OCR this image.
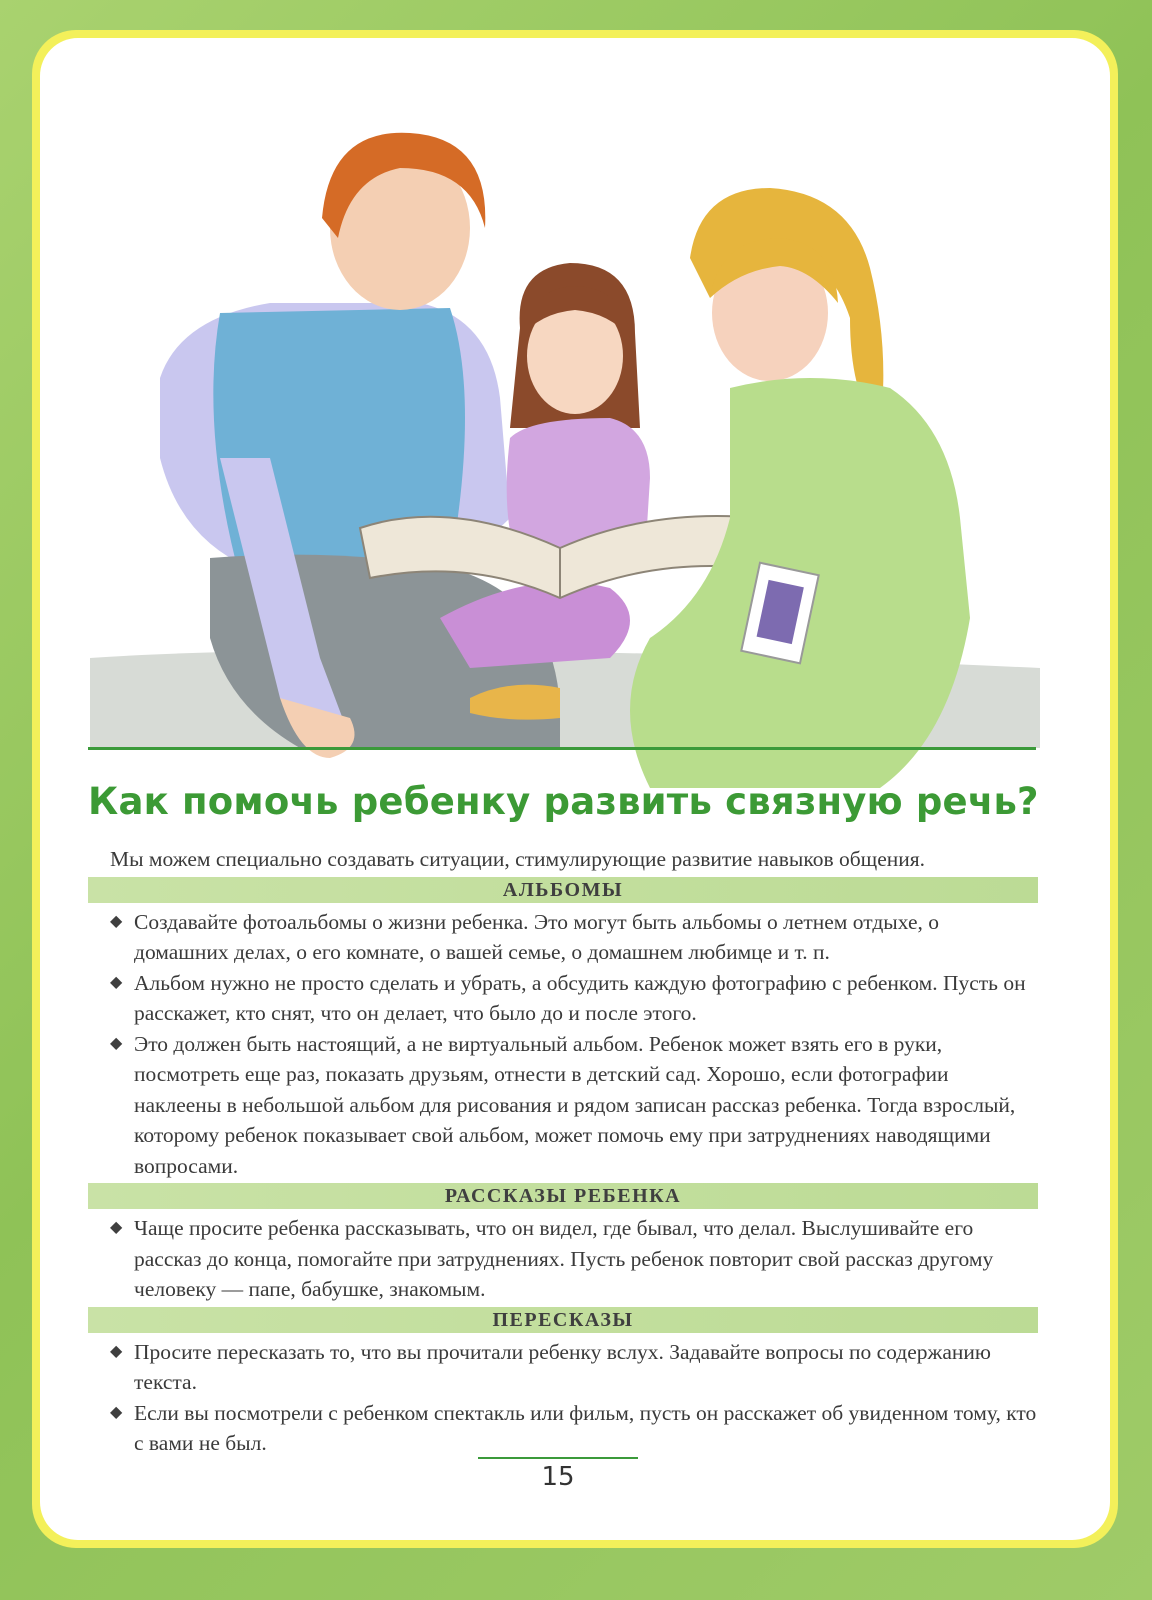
Как помочь ребенку развить связную речь?
Мы можем специально создавать ситуации, стимулирующие развитие навыков общения.
АЛЬБОМЫ
◆ Создавайте фотоальбомы о жизни ребенка. Это могут быть альбомы о летнем отдыхе, о домашних делах, о его комнате, о вашей семье, о домашнем любимце и т. п.
◆ Альбом нужно не просто сделать и убрать, а обсудить каждую фотографию с ребенком. Пусть он расскажет, кто снят, что он делает, что было до и после этого.
◆ Это должен быть настоящий, а не виртуальный альбом. Ребенок может взять его в руки, посмотреть еще раз, показать друзьям, отнести в детский сад. Хорошо, если фотографии наклеены в небольшой альбом для рисования и рядом записан рассказ ребенка. Тогда взрослый, которому ребенок показывает свой альбом, может помочь ему при затруднениях наводящими вопросами.
РАССКАЗЫ РЕБЕНКА
◆ Чаще просите ребенка рассказывать, что он видел, где бывал, что делал. Выслушивайте его рассказ до конца, помогайте при затруднениях. Пусть ребенок повторит свой рассказ другому человеку — папе, бабушке, знакомым.
ПЕРЕСКАЗЫ
◆ Просите пересказать то, что вы прочитали ребенку вслух. Задавайте вопросы по содержанию текста.
◆ Если вы посмотрели с ребенком спектакль или фильм, пусть он расскажет об увиденном тому, кто с вами не был.
15
